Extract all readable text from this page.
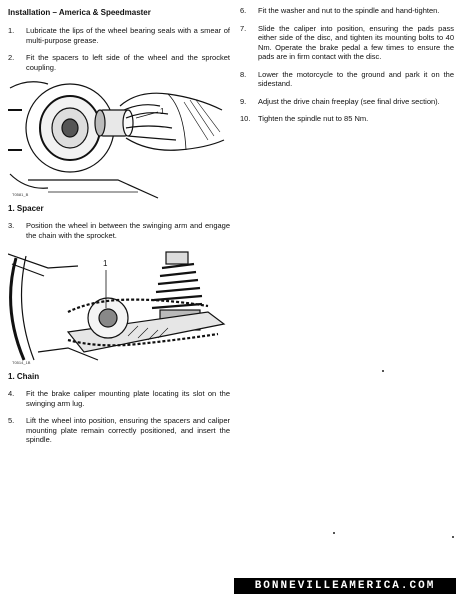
Installation – America & Speedmaster
1.	Lubricate the lips of the wheel bearing seals with a smear of multi-purpose grease.
2.	Fit the spacers to left side of the wheel and the sprocket coupling.
1
T0581_B
1. Spacer
3.	Position the wheel in between the swinging arm and engage the chain with the sprocket.
1
T0514_1B
1. Chain
4.	Fit the brake caliper mounting plate locating its slot on the swinging arm lug.
5.	Lift the wheel into position, ensuring the spacers and caliper mounting plate remain correctly positioned, and insert the spindle.
6.	Fit the washer and nut to the spindle and hand-tighten.
7.	Slide the caliper into position, ensuring the pads pass either side of the disc, and tighten its mounting bolts to 40 Nm. Operate the brake pedal a few times to ensure the pads are in firm contact with the disc.
8.	Lower the motorcycle to the ground and park it on the sidestand.
9.	Adjust the drive chain freeplay (see final drive section).
10.	Tighten the spindle nut to 85 Nm.
BONNEVILLEAMERICA.COM
